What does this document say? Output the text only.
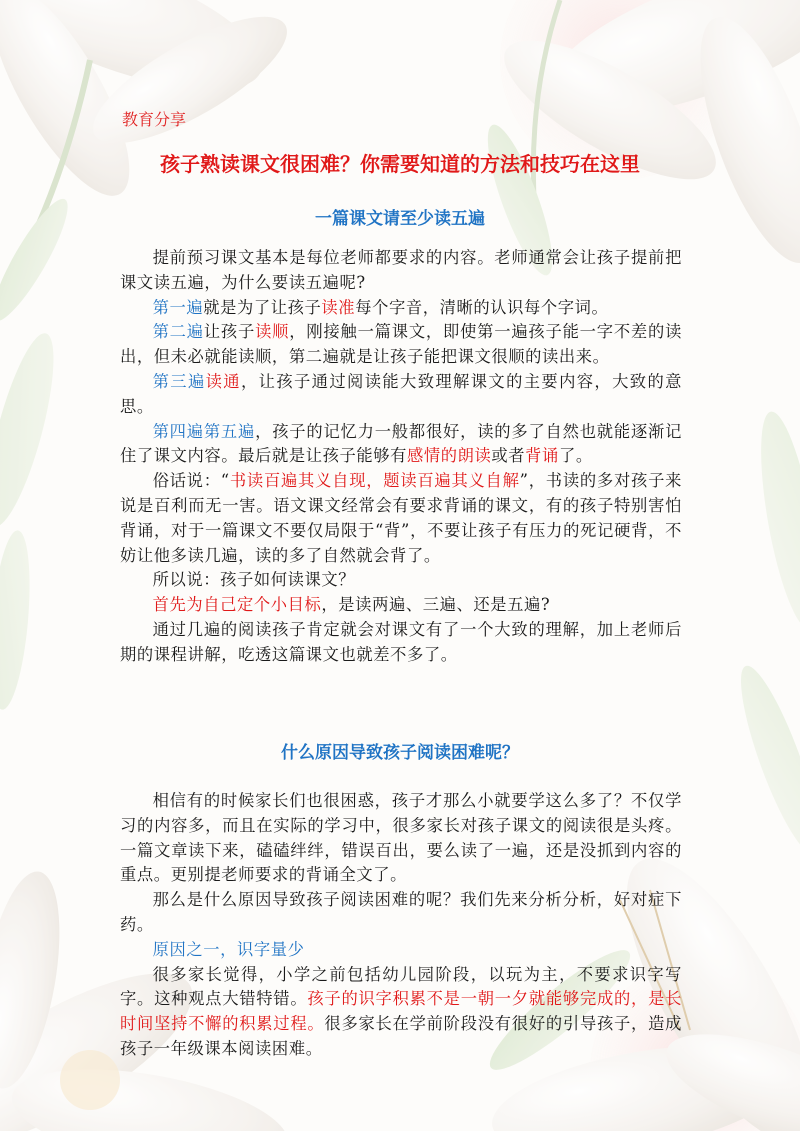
教育分享
孩子熟读课文很困难？你需要知道的方法和技巧在这里
一篇课文请至少读五遍

提前预习课文基本是每位老师都要求的内容。老师通常会让孩子提前把课文读五遍，为什么要读五遍呢?

第一遍就是为了让孩子读准每个字音，清晰的认识每个字词。

第二遍让孩子读顺，刚接触一篇课文，即使第一遍孩子能一字不差的读出，但未必就能读顺，第二遍就是让孩子能把课文很顺的读出来。

第三遍读通，让孩子通过阅读能大致理解课文的主要内容，大致的意思。

第四遍第五遍，孩子的记忆力一般都很好，读的多了自然也就能逐渐记住了课文内容。最后就是让孩子能够有感情的朗读或者背诵了。

俗话说：“书读百遍其义自现，题读百遍其义自解”，书读的多对孩子来说是百利而无一害。语文课文经常会有要求背诵的课文，有的孩子特别害怕背诵，对于一篇课文不要仅局限于“背”，不要让孩子有压力的死记硬背，不妨让他多读几遍，读的多了自然就会背了。

所以说：孩子如何读课文？

首先为自己定个小目标，是读两遍、三遍、还是五遍?

通过几遍的阅读孩子肯定就会对课文有了一个大致的理解，加上老师后期的课程讲解，吃透这篇课文也就差不多了。

什么原因导致孩子阅读困难呢？

相信有的时候家长们也很困惑，孩子才那么小就要学这么多了？不仅学习的内容多，而且在实际的学习中，很多家长对孩子课文的阅读很是头疼。一篇文章读下来，磕磕绊绊，错误百出，要么读了一遍，还是没抓到内容的重点。更别提老师要求的背诵全文了。

那么是什么原因导致孩子阅读困难的呢？我们先来分析分析，好对症下药。

原因之一，识字量少

很多家长觉得，小学之前包括幼儿园阶段，以玩为主，不要求识字写字。这种观点大错特错。孩子的识字积累不是一朝一夕就能够完成的，是长时间坚持不懈的积累过程。很多家长在学前阶段没有很好的引导孩子，造成孩子一年级课本阅读困难。
